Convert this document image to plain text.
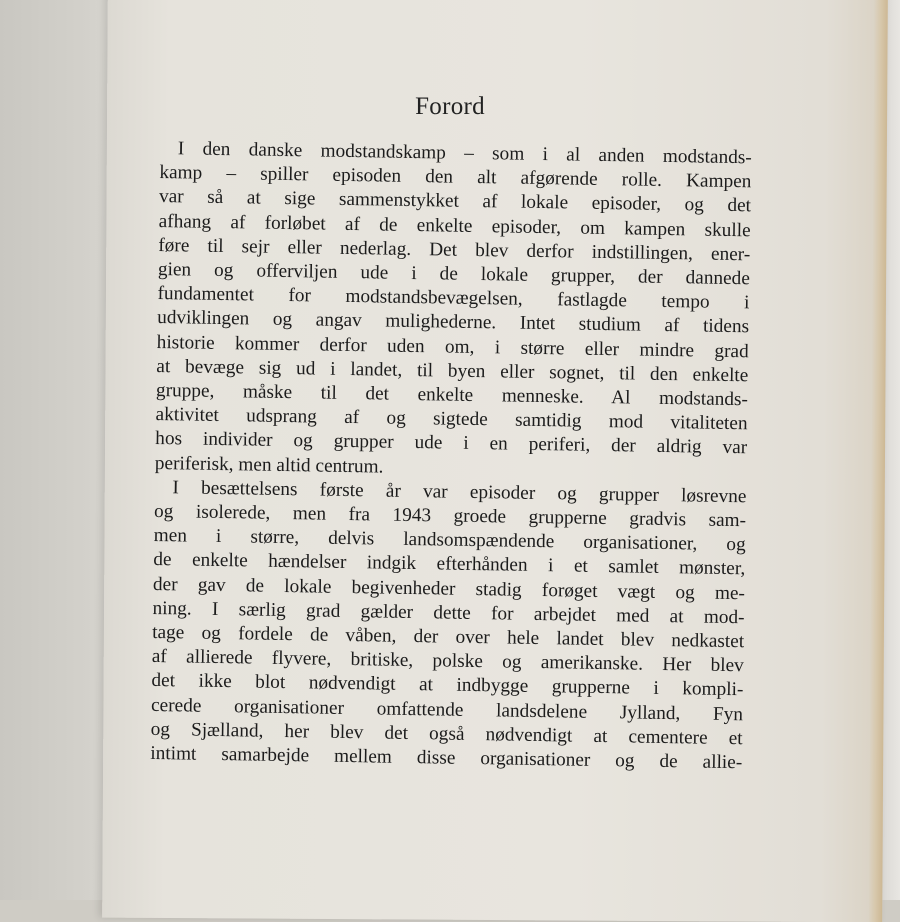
Forord

I den danske modstandskamp – som i al anden modstands-
kamp – spiller episoden den alt afgørende rolle. Kampen
var så at sige sammenstykket af lokale episoder, og det
afhang af forløbet af de enkelte episoder, om kampen skulle
føre til sejr eller nederlag. Det blev derfor indstillingen, ener-
gien og offerviljen ude i de lokale grupper, der dannede
fundamentet for modstandsbevægelsen, fastlagde tempo i
udviklingen og angav mulighederne. Intet studium af tidens
historie kommer derfor uden om, i større eller mindre grad
at bevæge sig ud i landet, til byen eller sognet, til den enkelte
gruppe, måske til det enkelte menneske. Al modstands-
aktivitet udsprang af og sigtede samtidig mod vitaliteten
hos individer og grupper ude i en periferi, der aldrig var
periferisk, men altid centrum.

I besættelsens første år var episoder og grupper løsrevne
og isolerede, men fra 1943 groede grupperne gradvis sam-
men i større, delvis landsomspændende organisationer, og
de enkelte hændelser indgik efterhånden i et samlet mønster,
der gav de lokale begivenheder stadig forøget vægt og me-
ning. I særlig grad gælder dette for arbejdet med at mod-
tage og fordele de våben, der over hele landet blev nedkastet
af allierede flyvere, britiske, polske og amerikanske. Her blev
det ikke blot nødvendigt at indbygge grupperne i kompli-
cerede organisationer omfattende landsdelene Jylland, Fyn
og Sjælland, her blev det også nødvendigt at cementere et
intimt samarbejde mellem disse organisationer og de allie-
